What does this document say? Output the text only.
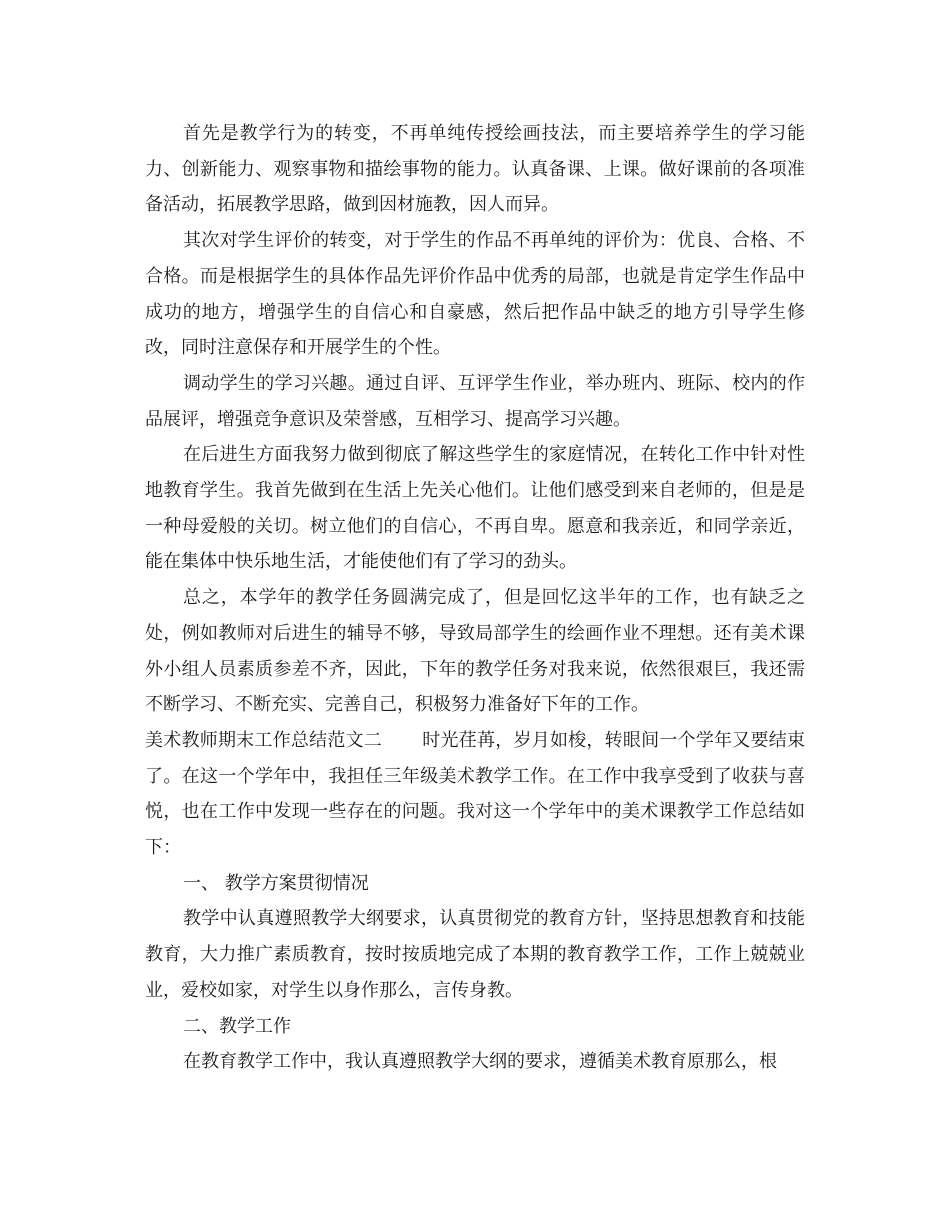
首先是教学行为的转变，不再单纯传授绘画技法，而主要培养学生的学习能力、创新能力、观察事物和描绘事物的能力。认真备课、上课。做好课前的各项准备活动，拓展教学思路，做到因材施教，因人而异。

其次对学生评价的转变，对于学生的作品不再单纯的评价为：优良、合格、不合格。而是根据学生的具体作品先评价作品中优秀的局部，也就是肯定学生作品中成功的地方，增强学生的自信心和自豪感，然后把作品中缺乏的地方引导学生修改，同时注意保存和开展学生的个性。

调动学生的学习兴趣。通过自评、互评学生作业，举办班内、班际、校内的作品展评，增强竞争意识及荣誉感，互相学习、提高学习兴趣。

在后进生方面我努力做到彻底了解这些学生的家庭情况，在转化工作中针对性地教育学生。我首先做到在生活上先关心他们。让他们感受到来自老师的，但是是一种母爱般的关切。树立他们的自信心，不再自卑。愿意和我亲近，和同学亲近，能在集体中快乐地生活，才能使他们有了学习的劲头。

总之，本学年的教学任务圆满完成了，但是回忆这半年的工作，也有缺乏之处，例如教师对后进生的辅导不够，导致局部学生的绘画作业不理想。还有美术课外小组人员素质参差不齐，因此，下年的教学任务对我来说，依然很艰巨，我还需不断学习、不断充实、完善自己，积极努力准备好下年的工作。

美术教师期末工作总结范文二 时光荏苒，岁月如梭，转眼间一个学年又要结束了。在这一个学年中，我担任三年级美术教学工作。在工作中我享受到了收获与喜悦，也在工作中发现一些存在的问题。我对这一个学年中的美术课教学工作总结如下：

一、 教学方案贯彻情况

教学中认真遵照教学大纲要求，认真贯彻党的教育方针，坚持思想教育和技能教育，大力推广素质教育，按时按质地完成了本期的教育教学工作，工作上兢兢业业，爱校如家，对学生以身作那么，言传身教。

二、教学工作

在教育教学工作中，我认真遵照教学大纲的要求，遵循美术教育原那么，根
